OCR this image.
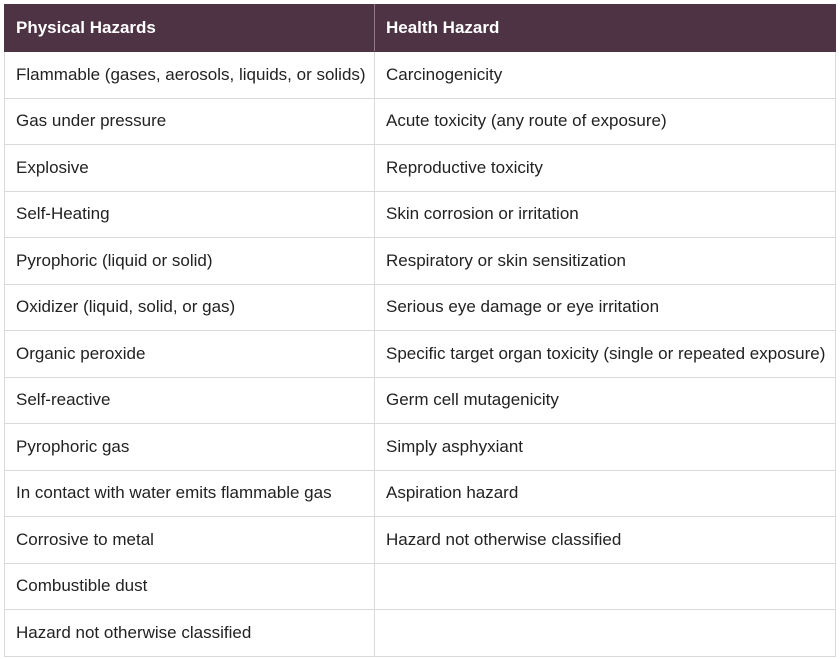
Physical Hazards	Health Hazard
Flammable (gases, aerosols, liquids, or solids)	Carcinogenicity
Gas under pressure	Acute toxicity (any route of exposure)
Explosive	Reproductive toxicity
Self-Heating	Skin corrosion or irritation
Pyrophoric (liquid or solid)	Respiratory or skin sensitization
Oxidizer (liquid, solid, or gas)	Serious eye damage or eye irritation
Organic peroxide	Specific target organ toxicity (single or repeated exposure)
Self-reactive	Germ cell mutagenicity
Pyrophoric gas	Simply asphyxiant
In contact with water emits flammable gas	Aspiration hazard
Corrosive to metal	Hazard not otherwise classified
Combustible dust	
Hazard not otherwise classified	
